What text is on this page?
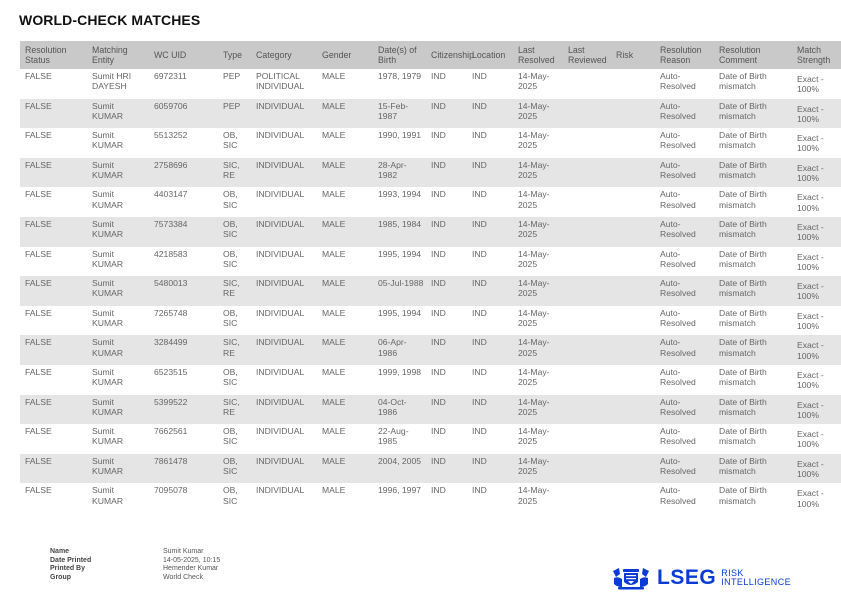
WORLD-CHECK MATCHES
Resolution Status	Matching Entity	WC UID	Type	Category	Gender	Date(s) of Birth	Citizenship	Location	Last Resolved	Last Reviewed	Risk	Resolution Reason	Resolution Comment	Match Strength
FALSE	Sumit HRI DAYESH	6972311	PEP	POLITICAL INDIVIDUAL	MALE	1978, 1979	IND	IND	14-May-2025			Auto-Resolved	Date of Birth mismatch	Exact - 100%
FALSE	Sumit KUMAR	6059706	PEP	INDIVIDUAL	MALE	15-Feb-1987	IND	IND	14-May-2025			Auto-Resolved	Date of Birth mismatch	Exact - 100%
FALSE	Sumit KUMAR	5513252	OB, SIC	INDIVIDUAL	MALE	1990, 1991	IND	IND	14-May-2025			Auto-Resolved	Date of Birth mismatch	Exact - 100%
FALSE	Sumit KUMAR	2758696	SIC, RE	INDIVIDUAL	MALE	28-Apr-1982	IND	IND	14-May-2025			Auto-Resolved	Date of Birth mismatch	Exact - 100%
FALSE	Sumit KUMAR	4403147	OB, SIC	INDIVIDUAL	MALE	1993, 1994	IND	IND	14-May-2025			Auto-Resolved	Date of Birth mismatch	Exact - 100%
FALSE	Sumit KUMAR	7573384	OB, SIC	INDIVIDUAL	MALE	1985, 1984	IND	IND	14-May-2025			Auto-Resolved	Date of Birth mismatch	Exact - 100%
FALSE	Sumit KUMAR	4218583	OB, SIC	INDIVIDUAL	MALE	1995, 1994	IND	IND	14-May-2025			Auto-Resolved	Date of Birth mismatch	Exact - 100%
FALSE	Sumit KUMAR	5480013	SIC, RE	INDIVIDUAL	MALE	05-Jul-1988	IND	IND	14-May-2025			Auto-Resolved	Date of Birth mismatch	Exact - 100%
FALSE	Sumit KUMAR	7265748	OB, SIC	INDIVIDUAL	MALE	1995, 1994	IND	IND	14-May-2025			Auto-Resolved	Date of Birth mismatch	Exact - 100%
FALSE	Sumit KUMAR	3284499	SIC, RE	INDIVIDUAL	MALE	06-Apr-1986	IND	IND	14-May-2025			Auto-Resolved	Date of Birth mismatch	Exact - 100%
FALSE	Sumit KUMAR	6523515	OB, SIC	INDIVIDUAL	MALE	1999, 1998	IND	IND	14-May-2025			Auto-Resolved	Date of Birth mismatch	Exact - 100%
FALSE	Sumit KUMAR	5399522	SIC, RE	INDIVIDUAL	MALE	04-Oct-1986	IND	IND	14-May-2025			Auto-Resolved	Date of Birth mismatch	Exact - 100%
FALSE	Sumit KUMAR	7662561	OB, SIC	INDIVIDUAL	MALE	22-Aug-1985	IND	IND	14-May-2025			Auto-Resolved	Date of Birth mismatch	Exact - 100%
FALSE	Sumit KUMAR	7861478	OB, SIC	INDIVIDUAL	MALE	2004, 2005	IND	IND	14-May-2025			Auto-Resolved	Date of Birth mismatch	Exact - 100%
FALSE	Sumit KUMAR	7095078	OB, SIC	INDIVIDUAL	MALE	1996, 1997	IND	IND	14-May-2025			Auto-Resolved	Date of Birth mismatch	Exact - 100%
Name	Sumit Kumar
Date Printed	14-05-2025, 10:15
Printed By	Hemender Kumar
Group	World Check	LSEG RISK
INTELLIGENCE
